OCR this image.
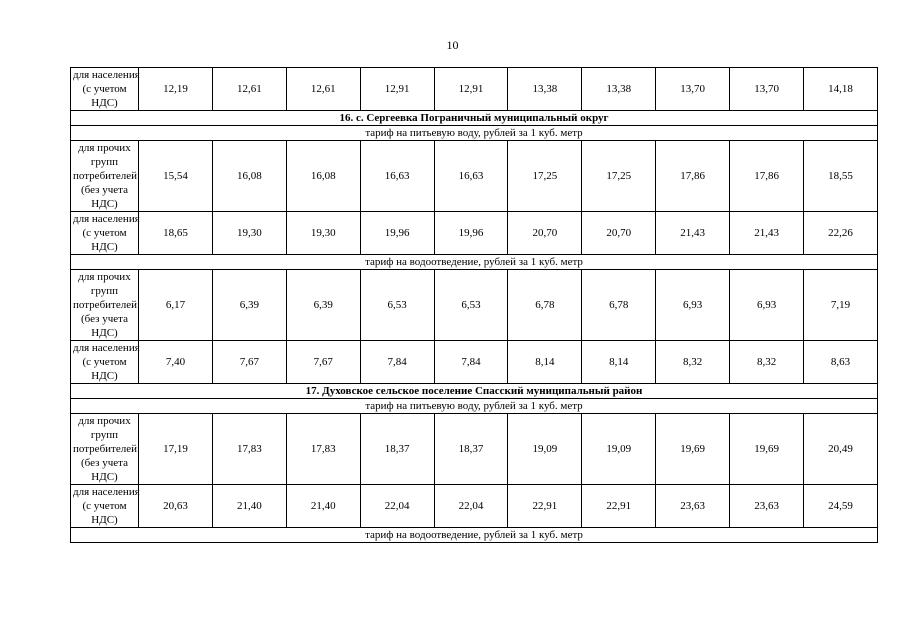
10
для населения
(с учетом
НДС)	12,19	12,61	12,61	12,91	12,91	13,38	13,38	13,70	13,70	14,18
16. с. Сергеевка Пограничный муниципальный округ										
тариф на питьевую воду, рублей за 1 куб. метр										

для прочих
групп
потребителей
(без учета
НДС)	15,54	16,08	16,08	16,63	16,63	17,25	17,25	17,86	17,86	18,55

для населения
(с учетом
НДС)	18,65	19,30	19,30	19,96	19,96	20,70	20,70	21,43	21,43	22,26
тариф на водоотведение, рублей за 1 куб. метр										

для прочих
групп
потребителей
(без учета
НДС)	6,17	6,39	6,39	6,53	6,53	6,78	6,78	6,93	6,93	7,19

для населения
(с учетом
НДС)	7,40	7,67	7,67	7,84	7,84	8,14	8,14	8,32	8,32	8,63
17. Духовское сельское поселение Спасский муниципальный район										
тариф на питьевую воду, рублей за 1 куб. метр										

для прочих
групп
потребителей
(без учета
НДС)	17,19	17,83	17,83	18,37	18,37	19,09	19,09	19,69	19,69	20,49

для населения
(с учетом
НДС)	20,63	21,40	21,40	22,04	22,04	22,91	22,91	23,63	23,63	24,59
тариф на водоотведение, рублей за 1 куб. метр										
